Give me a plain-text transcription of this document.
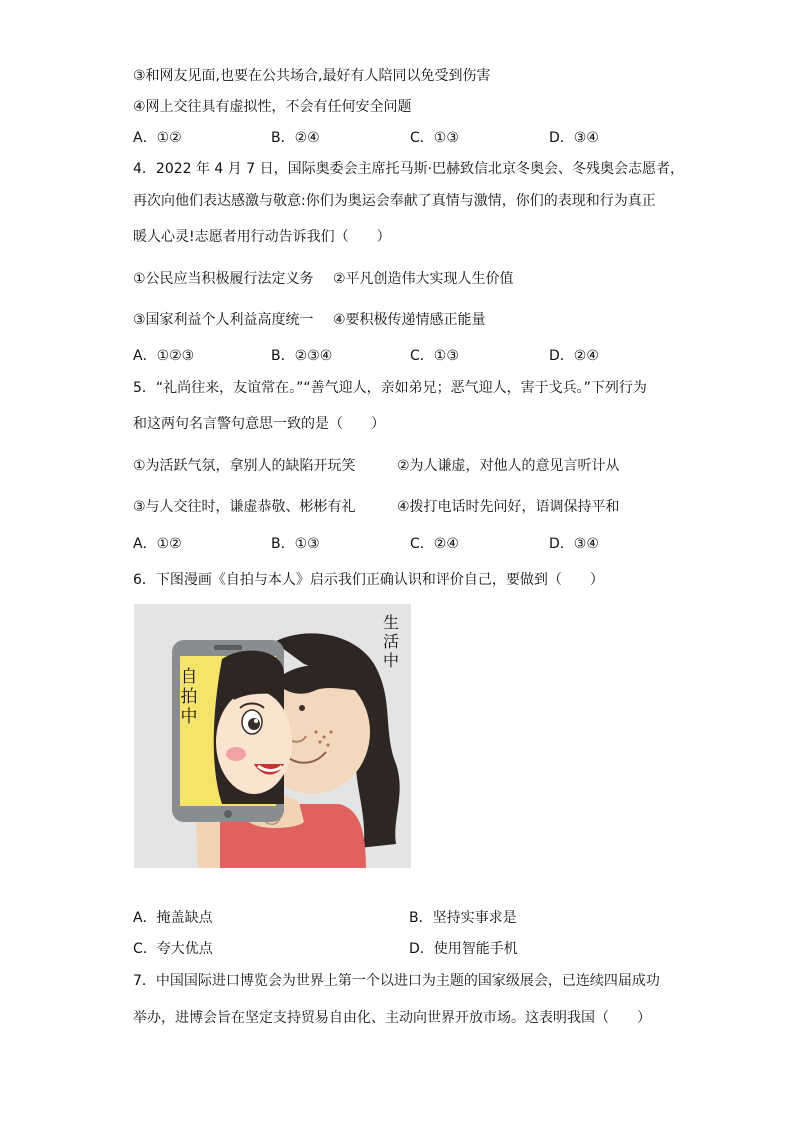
③和网友见面,也要在公共场合,最好有人陪同以免受到伤害
④网上交往具有虚拟性，不会有任何安全问题
A．①②	B．②④	C．①③	D．③④
4．2022 年 4 月 7 日，国际奥委会主席托马斯·巴赫致信北京冬奥会、冬残奥会志愿者，
再次向他们表达感激与敬意:你们为奥运会奉献了真情与激情，你们的表现和行为真正
暖人心灵!志愿者用行动告诉我们（　　）
①公民应当积极履行法定义务 ②平凡创造伟大实现人生价值
③国家利益个人利益高度统一 ④要积极传递情感正能量
A．①②③	B．②③④	C．①③	D．②④
5．“礼尚往来，友谊常在。”“善气迎人，亲如弟兄；恶气迎人，害于戈兵。”下列行为
和这两句名言警句意思一致的是（　　）
①为活跃气氛，拿别人的缺陷开玩笑	②为人谦虚，对他人的意见言听计从
③与人交往时，谦虚恭敬、彬彬有礼	④拨打电话时先问好，语调保持平和
A．①②	B．①③	C．②④	D．③④
6．下图漫画《自拍与本人》启示我们正确认识和评价自己，要做到（　　）
自
拍
中
生
活
中
A．掩盖缺点	B．坚持实事求是
C．夸大优点	D．使用智能手机
7．中国国际进口博览会为世界上第一个以进口为主题的国家级展会，已连续四届成功
举办，进博会旨在坚定支持贸易自由化、主动向世界开放市场。这表明我国（　　）
